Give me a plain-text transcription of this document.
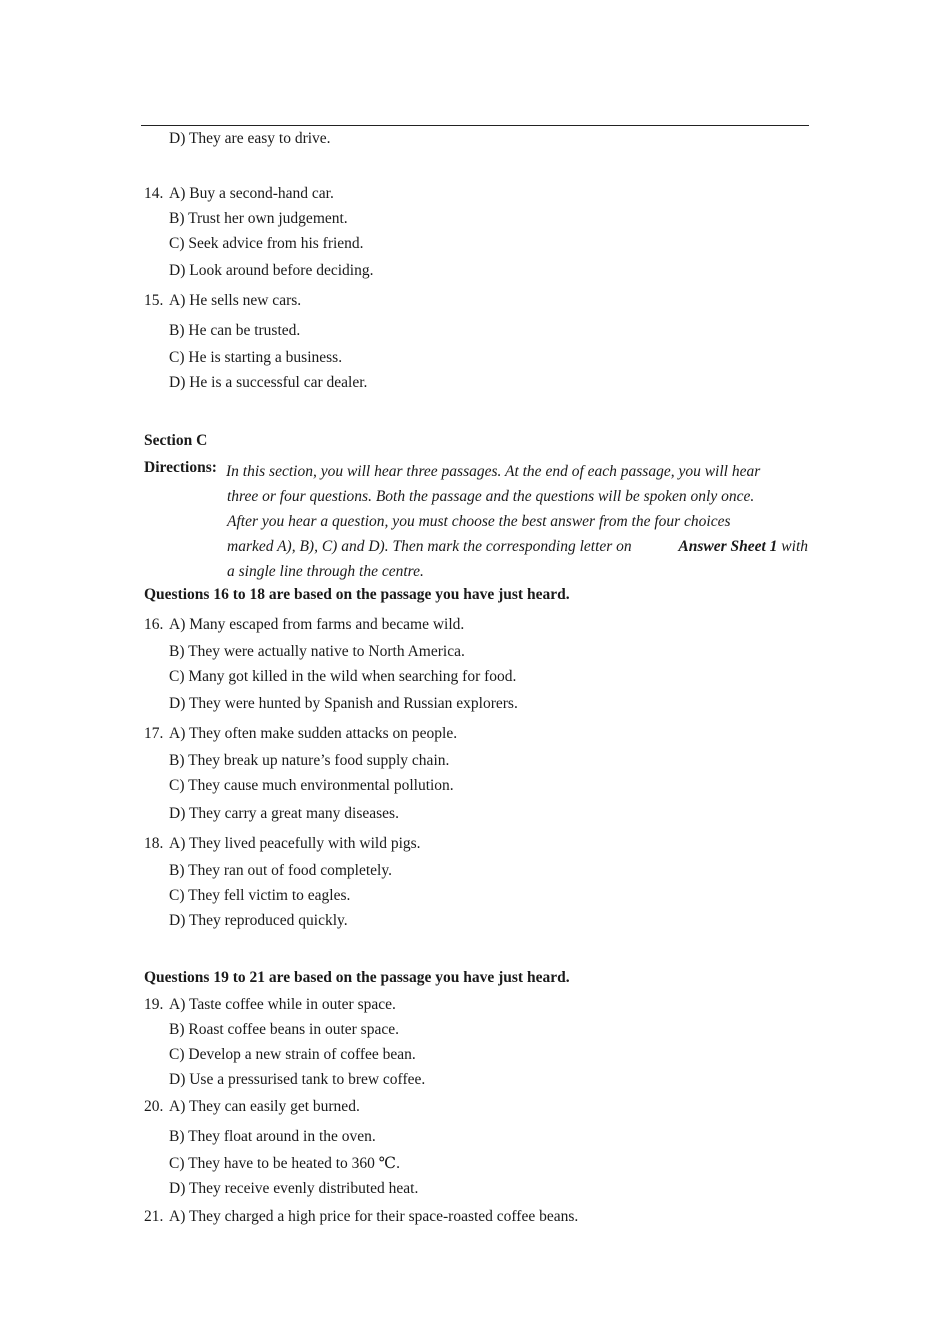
D) They are easy to drive.
14. A) Buy a second-hand car.
B) Trust her own judgement.
C) Seek advice from his friend.
D) Look around before deciding.
15. A) He sells new cars.
B) He can be trusted.
C) He is starting a business.
D) He is a successful car dealer.
Section C
Directions: In this section, you will hear three passages. At the end of each passage, you will hear
three or four questions. Both the passage and the questions will be spoken only once.
After you hear a question, you must choose the best answer from the four choices
marked A), B), C) and D). Then mark the corresponding letter on	Answer Sheet 1 with
a single line through the centre.
Questions 16 to 18 are based on the passage you have just heard.
16. A) Many escaped from farms and became wild.
B) They were actually native to North America.
C) Many got killed in the wild when searching for food.
D) They were hunted by Spanish and Russian explorers.
17. A) They often make sudden attacks on people.
B) They break up nature’s food supply chain.
C) They cause much environmental pollution.
D) They carry a great many diseases.
18. A) They lived peacefully with wild pigs.
B) They ran out of food completely.
C) They fell victim to eagles.
D) They reproduced quickly.
Questions 19 to 21 are based on the passage you have just heard.
19. A) Taste coffee while in outer space.
B) Roast coffee beans in outer space.
C) Develop a new strain of coffee bean.
D) Use a pressurised tank to brew coffee.
20. A) They can easily get burned.
B) They float around in the oven.
C) They have to be heated to 360 ℃.
D) They receive evenly distributed heat.
21. A) They charged a high price for their space-roasted coffee beans.
